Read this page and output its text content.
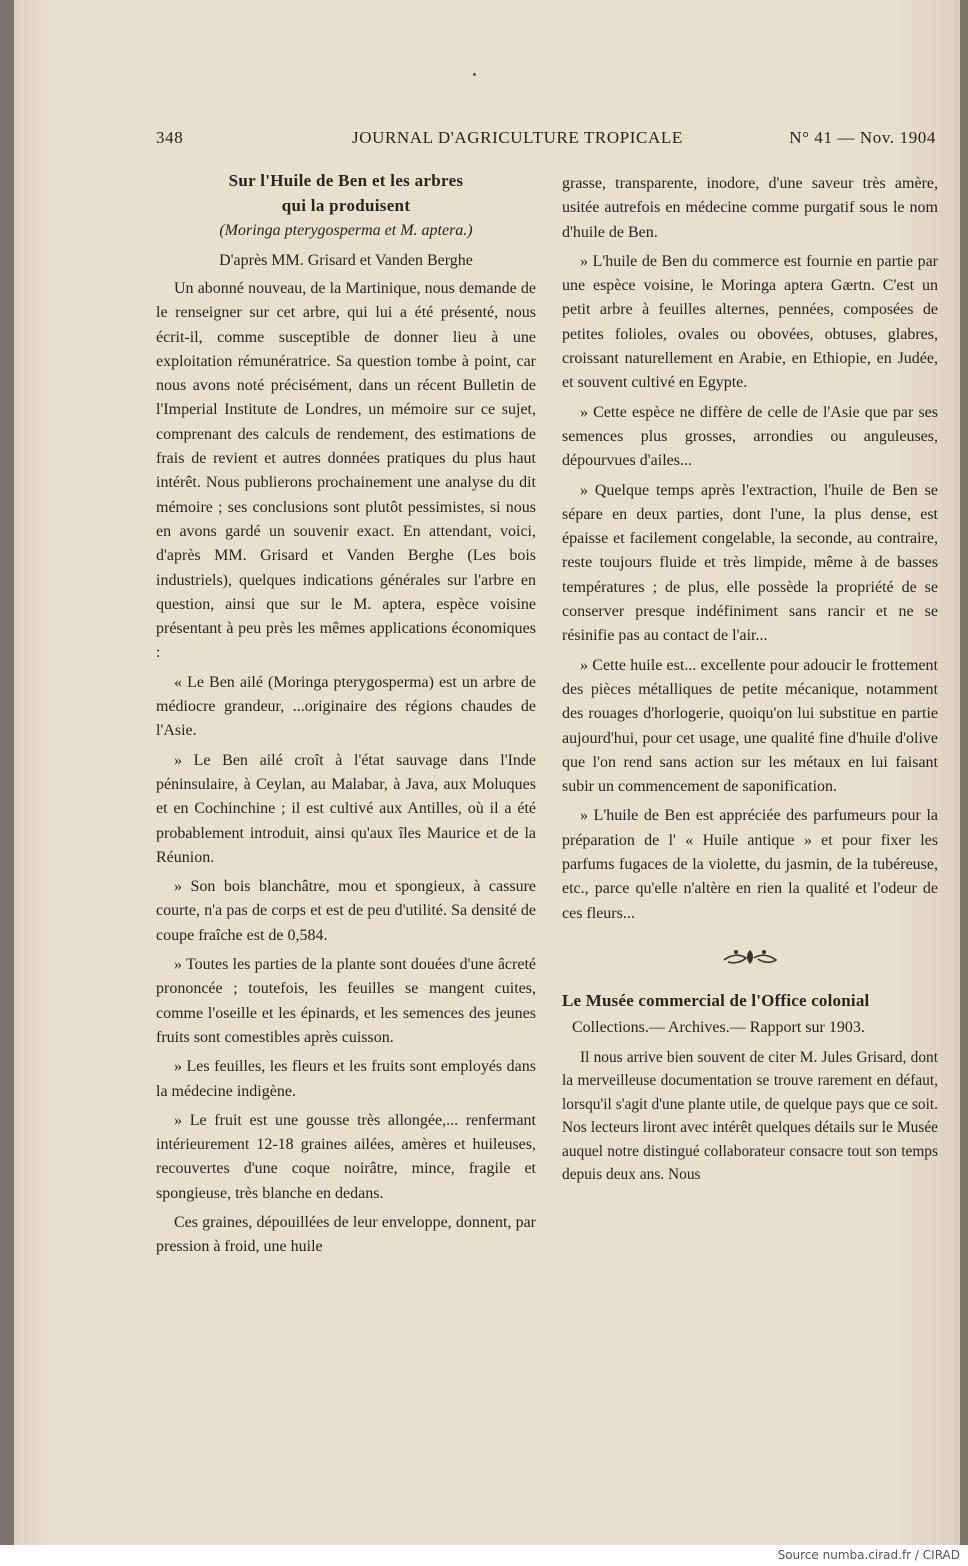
348	JOURNAL D'AGRICULTURE TROPICALE	N° 41 — Nov. 1904

Sur l'Huile de Ben et les arbres

qui la produisent

(Moringa pterygosperma et M. aptera.)

D'après MM. Grisard et Vanden Berghe

Un abonné nouveau, de la Martinique, nous demande de le renseigner sur cet arbre, qui lui a été présenté, nous écrit-il, comme susceptible de donner lieu à une exploitation rémunératrice. Sa question tombe à point, car nous avons noté précisément, dans un récent Bulletin de l'Imperial Institute de Londres, un mémoire sur ce sujet, comprenant des calculs de rendement, des estimations de frais de revient et autres données pratiques du plus haut intérêt. Nous publierons prochainement une analyse du dit mémoire ; ses conclusions sont plutôt pessimistes, si nous en avons gardé un souvenir exact. En attendant, voici, d'après MM. Grisard et Vanden Berghe (Les bois industriels), quelques indications générales sur l'arbre en question, ainsi que sur le M. aptera, espèce voisine présentant à peu près les mêmes applications économiques :

« Le Ben ailé (Moringa pterygosperma) est un arbre de médiocre grandeur, ...originaire des régions chaudes de l'Asie.

» Le Ben ailé croît à l'état sauvage dans l'Inde péninsulaire, à Ceylan, au Malabar, à Java, aux Moluques et en Cochinchine ; il est cultivé aux Antilles, où il a été probablement introduit, ainsi qu'aux îles Maurice et de la Réunion.

» Son bois blanchâtre, mou et spongieux, à cassure courte, n'a pas de corps et est de peu d'utilité. Sa densité de coupe fraîche est de 0,584.

» Toutes les parties de la plante sont douées d'une âcreté prononcée ; toutefois, les feuilles se mangent cuites, comme l'oseille et les épinards, et les semences des jeunes fruits sont comestibles après cuisson.

» Les feuilles, les fleurs et les fruits sont employés dans la médecine indigène.

» Le fruit est une gousse très allongée,... renfermant intérieurement 12-18 graines ailées, amères et huileuses, recouvertes d'une coque noirâtre, mince, fragile et spongieuse, très blanche en dedans.

Ces graines, dépouillées de leur enveloppe, donnent, par pression à froid, une huile

grasse, transparente, inodore, d'une saveur très amère, usitée autrefois en médecine comme purgatif sous le nom d'huile de Ben.

» L'huile de Ben du commerce est fournie en partie par une espèce voisine, le Moringa aptera Gærtn. C'est un petit arbre à feuilles alternes, pennées, composées de petites folioles, ovales ou obovées, obtuses, glabres, croissant naturellement en Arabie, en Ethiopie, en Judée, et souvent cultivé en Egypte.

» Cette espèce ne diffère de celle de l'Asie que par ses semences plus grosses, arrondies ou anguleuses, dépourvues d'ailes...

» Quelque temps après l'extraction, l'huile de Ben se sépare en deux parties, dont l'une, la plus dense, est épaisse et facilement congelable, la seconde, au contraire, reste toujours fluide et très limpide, même à de basses températures ; de plus, elle possède la propriété de se conserver presque indéfiniment sans rancir et ne se résinifie pas au contact de l'air...

» Cette huile est... excellente pour adoucir le frottement des pièces métalliques de petite mécanique, notamment des rouages d'horlogerie, quoiqu'on lui substitue en partie aujourd'hui, pour cet usage, une qualité fine d'huile d'olive que l'on rend sans action sur les métaux en lui faisant subir un commencement de saponification.

» L'huile de Ben est appréciée des parfumeurs pour la préparation de l' « Huile antique » et pour fixer les parfums fugaces de la violette, du jasmin, de la tubéreuse, etc., parce qu'elle n'altère en rien la qualité et l'odeur de ces fleurs...

Le Musée commercial de l'Office colonial
Collections.— Archives.— Rapport sur 1903.

Il nous arrive bien souvent de citer M. Jules Grisard, dont la merveilleuse documentation se trouve rarement en défaut, lorsqu'il s'agit d'une plante utile, de quelque pays que ce soit. Nos lecteurs liront avec intérêt quelques détails sur le Musée auquel notre distingué collaborateur consacre tout son temps depuis deux ans. Nous

Source numba.cirad.fr / CIRAD
